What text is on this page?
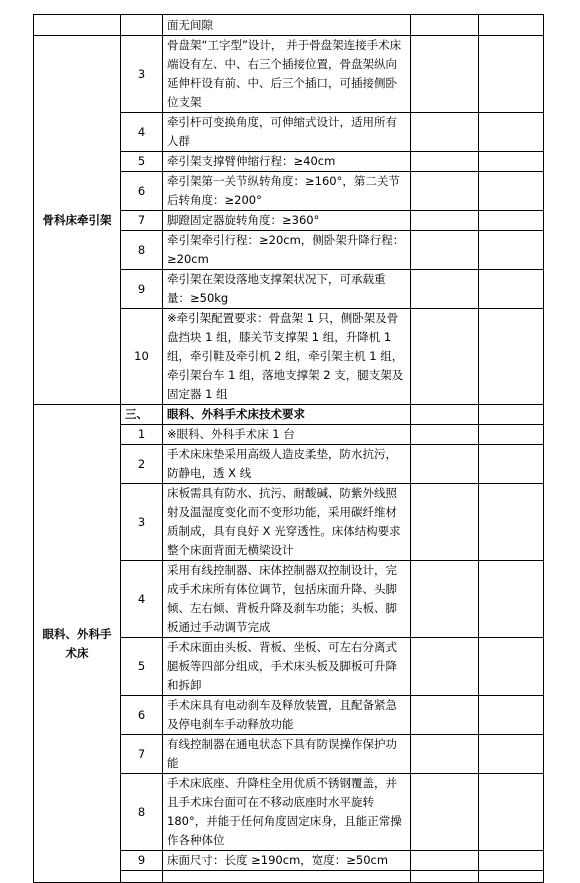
		面无间隙		
骨科床牵引架	3	骨盘架“工字型”设计， 并于骨盘架连接手术床端设有左、中、右三个插接位置，骨盘架纵向延伸杆设有前、中、后三个插口，可插接侧卧位支架		
	4	牵引杆可变换角度，可伸缩式设计，适用所有人群		
	5	牵引架支撑臂伸缩行程：≥40cm		
	6	牵引架第一关节纵转角度：≥160°，第二关节后转角度：≥200°		
	7	脚蹬固定器旋转角度：≥360°		
	8	牵引架牵引行程：≥20cm，侧卧架升降行程：≥20cm		
	9	牵引架在架设落地支撑架状况下，可承载重量：≥50kg		
	10	※牵引架配置要求：骨盘架 1 只，侧卧架及骨盘挡块 1 组，膝关节支撑架 1 组，升降机 1 组，牵引鞋及牵引机 2 组，牵引架主机 1 组，牵引架台车 1 组，落地支撑架 2 支，腿支架及固定器 1 组		
眼科、外科手术床	三、	眼科、外科手术床技术要求		
	1	※眼科、外科手术床 1 台		
	2	手术床床垫采用高级人造皮柔垫，防水抗污，防静电，透 X 线		
	3	床板需具有防水、抗污、耐酸碱、防紫外线照射及温湿度变化而不变形功能，采用碳纤维材质制成，具有良好 X 光穿透性。床体结构要求整个床面背面无横梁设计		
	4	采用有线控制器、床体控制器双控制设计，完成手术床所有体位调节，包括床面升降、头脚倾、左右倾、背板升降及刹车功能；头板、脚板通过手动调节完成		
	5	手术床面由头板、背板、坐板、可左右分离式腿板等四部分组成，手术床头板及脚板可升降和拆卸		
	6	手术床具有电动刹车及释放装置，且配备紧急及停电刹车手动释放功能		
	7	有线控制器在通电状态下具有防误操作保护功能		
	8	手术床底座、升降柱全用优质不锈钢覆盖，并且手术床台面可在不移动底座时水平旋转 180°，并能于任何角度固定床身，且能正常操作各种体位		
	9	床面尺寸：长度 ≥190cm，宽度：≥50cm		
